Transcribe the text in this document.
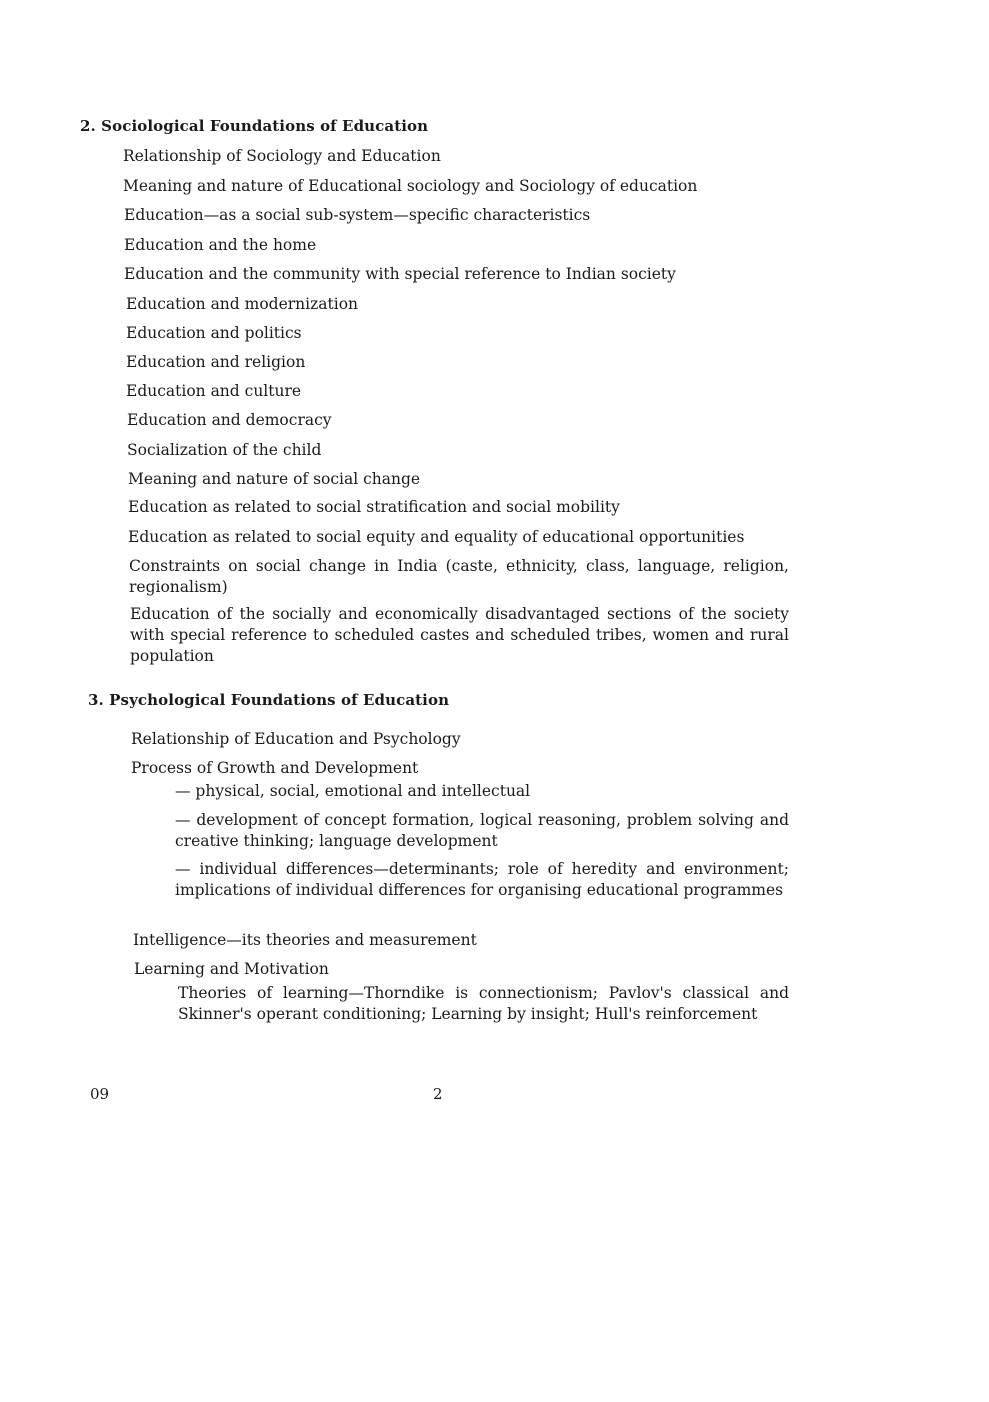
2. Sociological Foundations of Education
Relationship of Sociology and Education
Meaning and nature of Educational sociology and Sociology of education
Education—as a social sub-system—specific characteristics
Education and the home
Education and the community with special reference to Indian society
Education and modernization
Education and politics
Education and religion
Education and culture
Education and democracy
Socialization of the child
Meaning and nature of social change
Education as related to social stratification and social mobility
Education as related to social equity and equality of educational opportunities
Constraints on social change in India (caste, ethnicity, class, language, religion, regionalism)
Education of the socially and economically disadvantaged sections of the society with special reference to scheduled castes and scheduled tribes, women and rural population
3. Psychological Foundations of Education
Relationship of Education and Psychology
Process of Growth and Development
— physical, social, emotional and intellectual
— development of concept formation, logical reasoning, problem solving and creative thinking; language development
— individual differences—determinants; role of heredity and environment; implications of individual differences for organising educational programmes
Intelligence—its theories and measurement
Learning and Motivation
Theories of learning—Thorndike is connectionism; Pavlov's classical and Skinner's operant conditioning; Learning by insight; Hull's reinforcement
09	2
